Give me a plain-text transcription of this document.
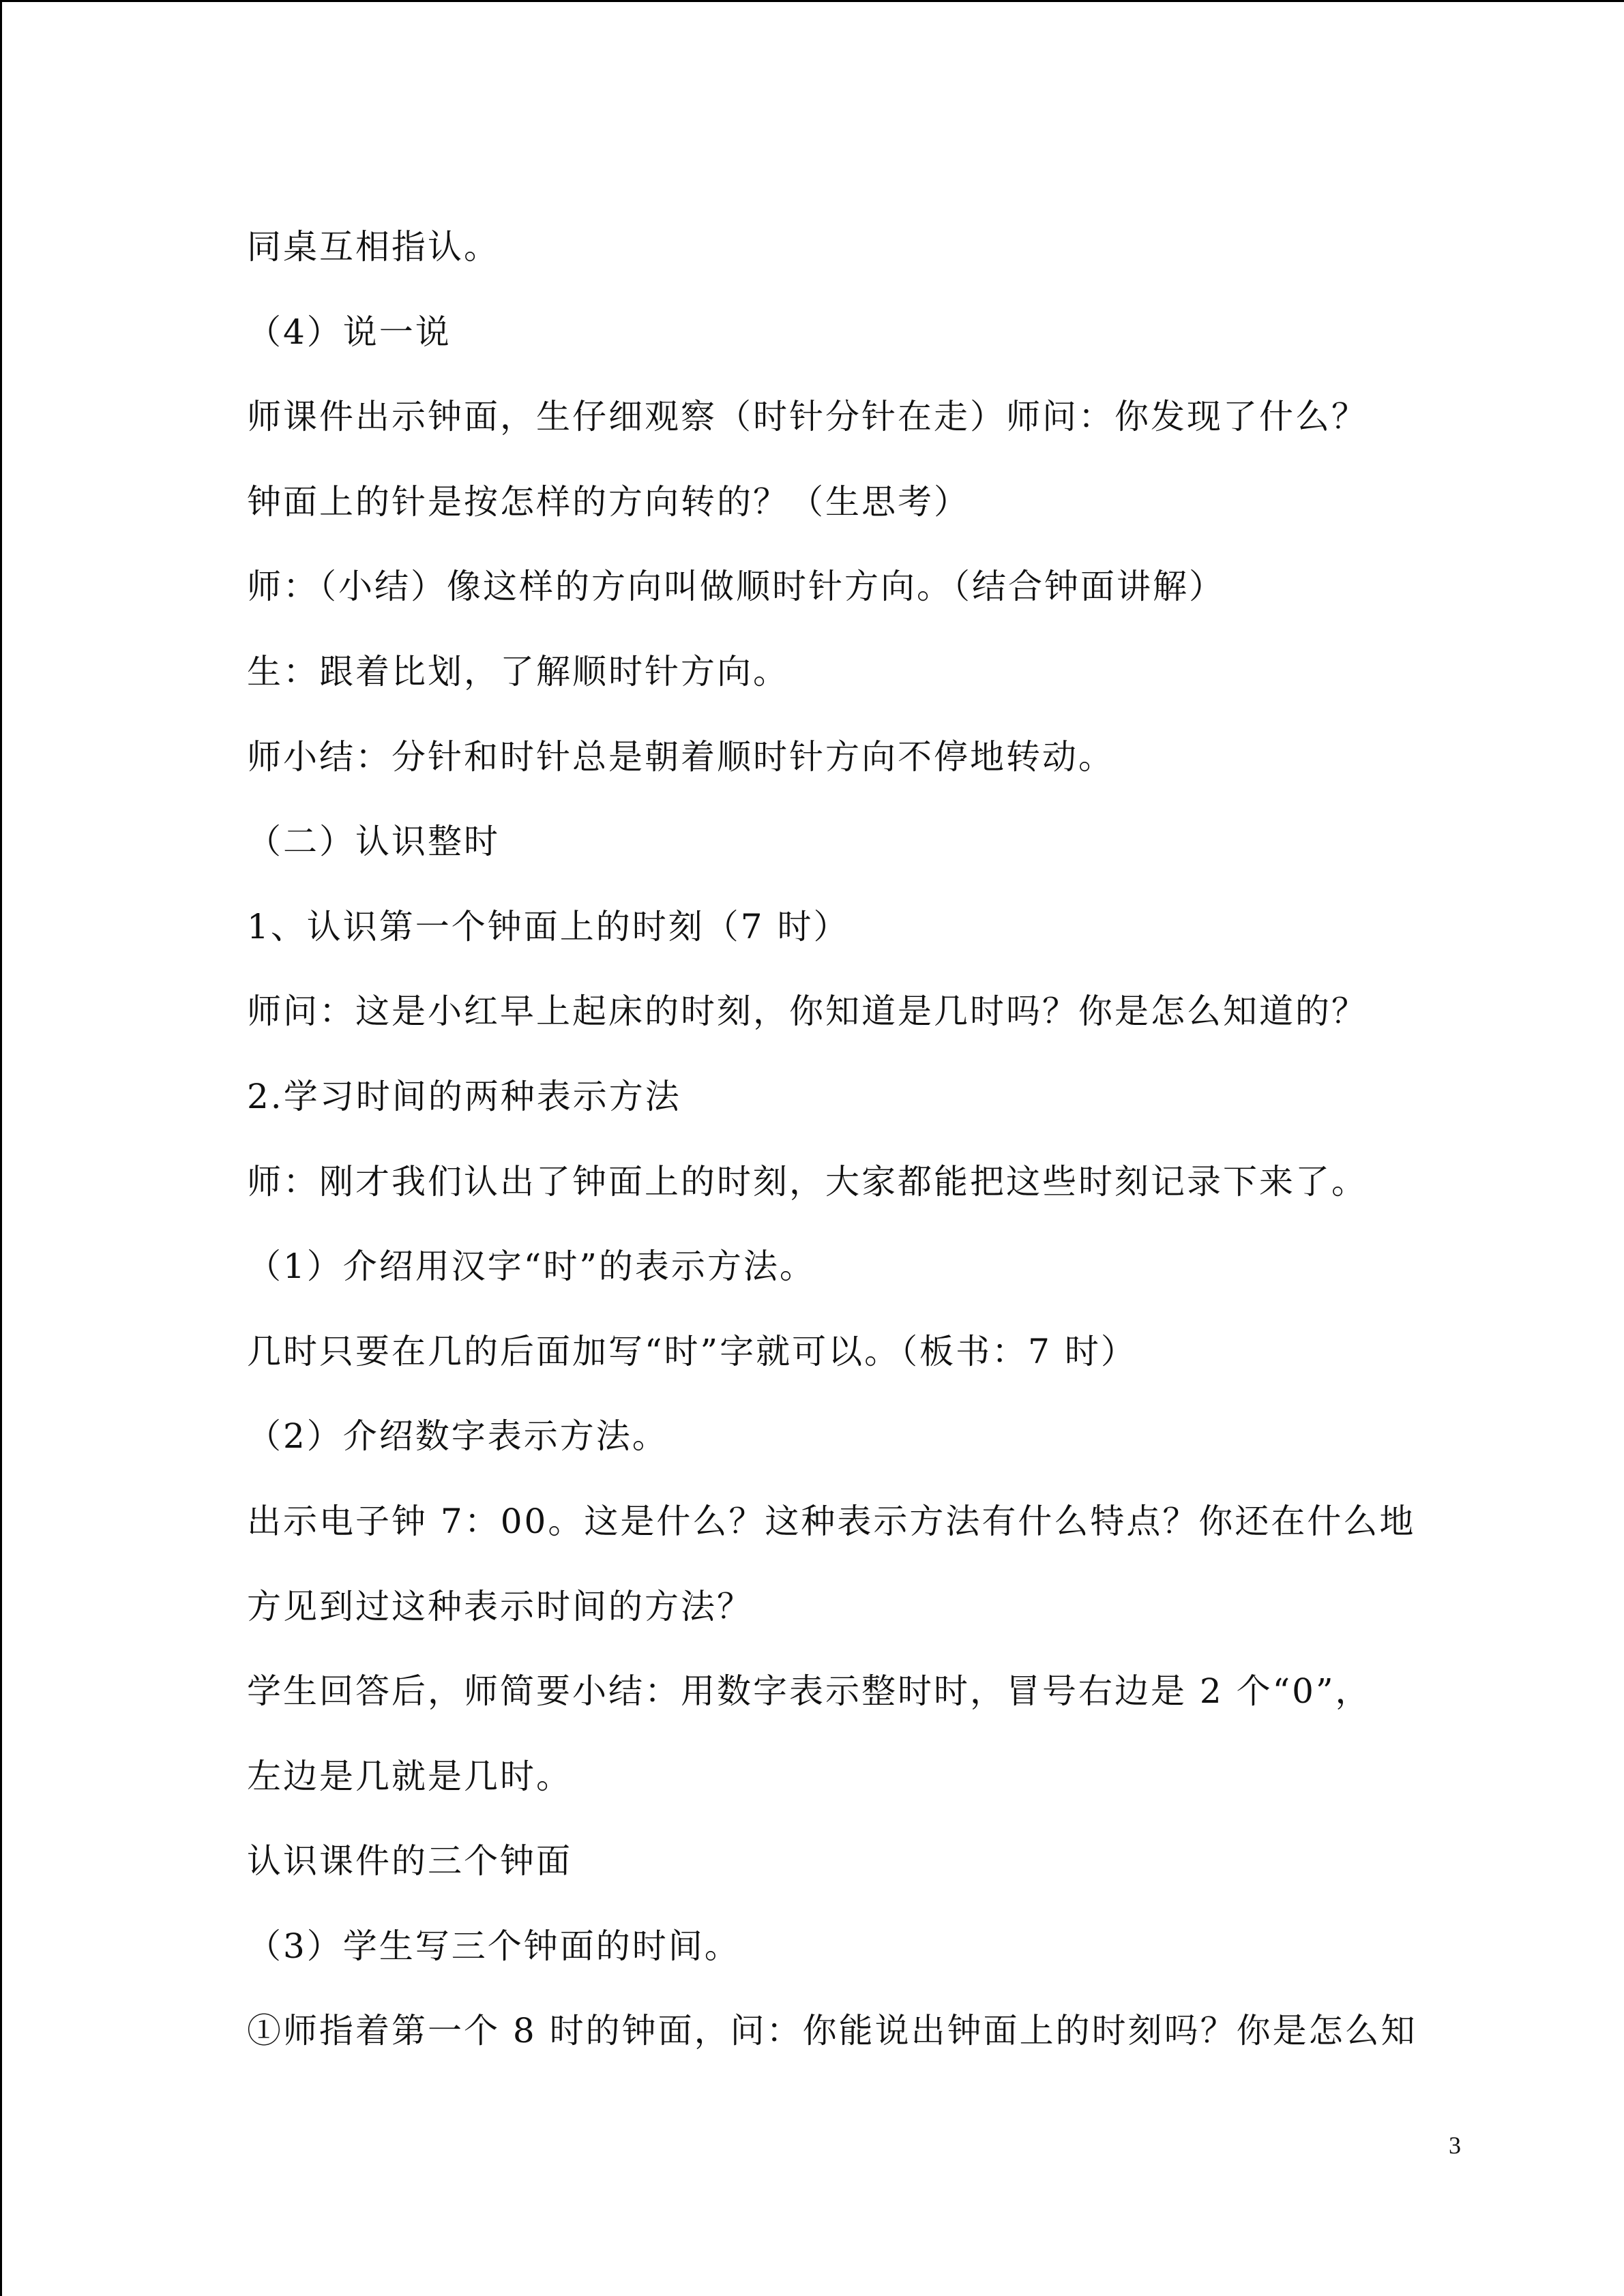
同桌互相指认。
（4）说一说
师课件出示钟面，生仔细观察（时针分针在走）师问：你发现了什么？
钟面上的针是按怎样的方向转的？（生思考）
师：（小结）像这样的方向叫做顺时针方向。（结合钟面讲解）
生：跟着比划，了解顺时针方向。
师小结：分针和时针总是朝着顺时针方向不停地转动。
（二）认识整时
1、认识第一个钟面上的时刻（7 时）
师问：这是小红早上起床的时刻，你知道是几时吗？你是怎么知道的？
2.学习时间的两种表示方法
师：刚才我们认出了钟面上的时刻，大家都能把这些时刻记录下来了。
（1）介绍用汉字“时”的表示方法。
几时只要在几的后面加写“时”字就可以。（板书：7 时）
（2）介绍数字表示方法。
出示电子钟 7：00。这是什么？这种表示方法有什么特点？你还在什么地
方见到过这种表示时间的方法？
学生回答后，师简要小结：用数字表示整时时，冒号右边是 2 个“0”，
左边是几就是几时。
认识课件的三个钟面
（3）学生写三个钟面的时间。
①师指着第一个 8 时的钟面，问：你能说出钟面上的时刻吗？你是怎么知
3
